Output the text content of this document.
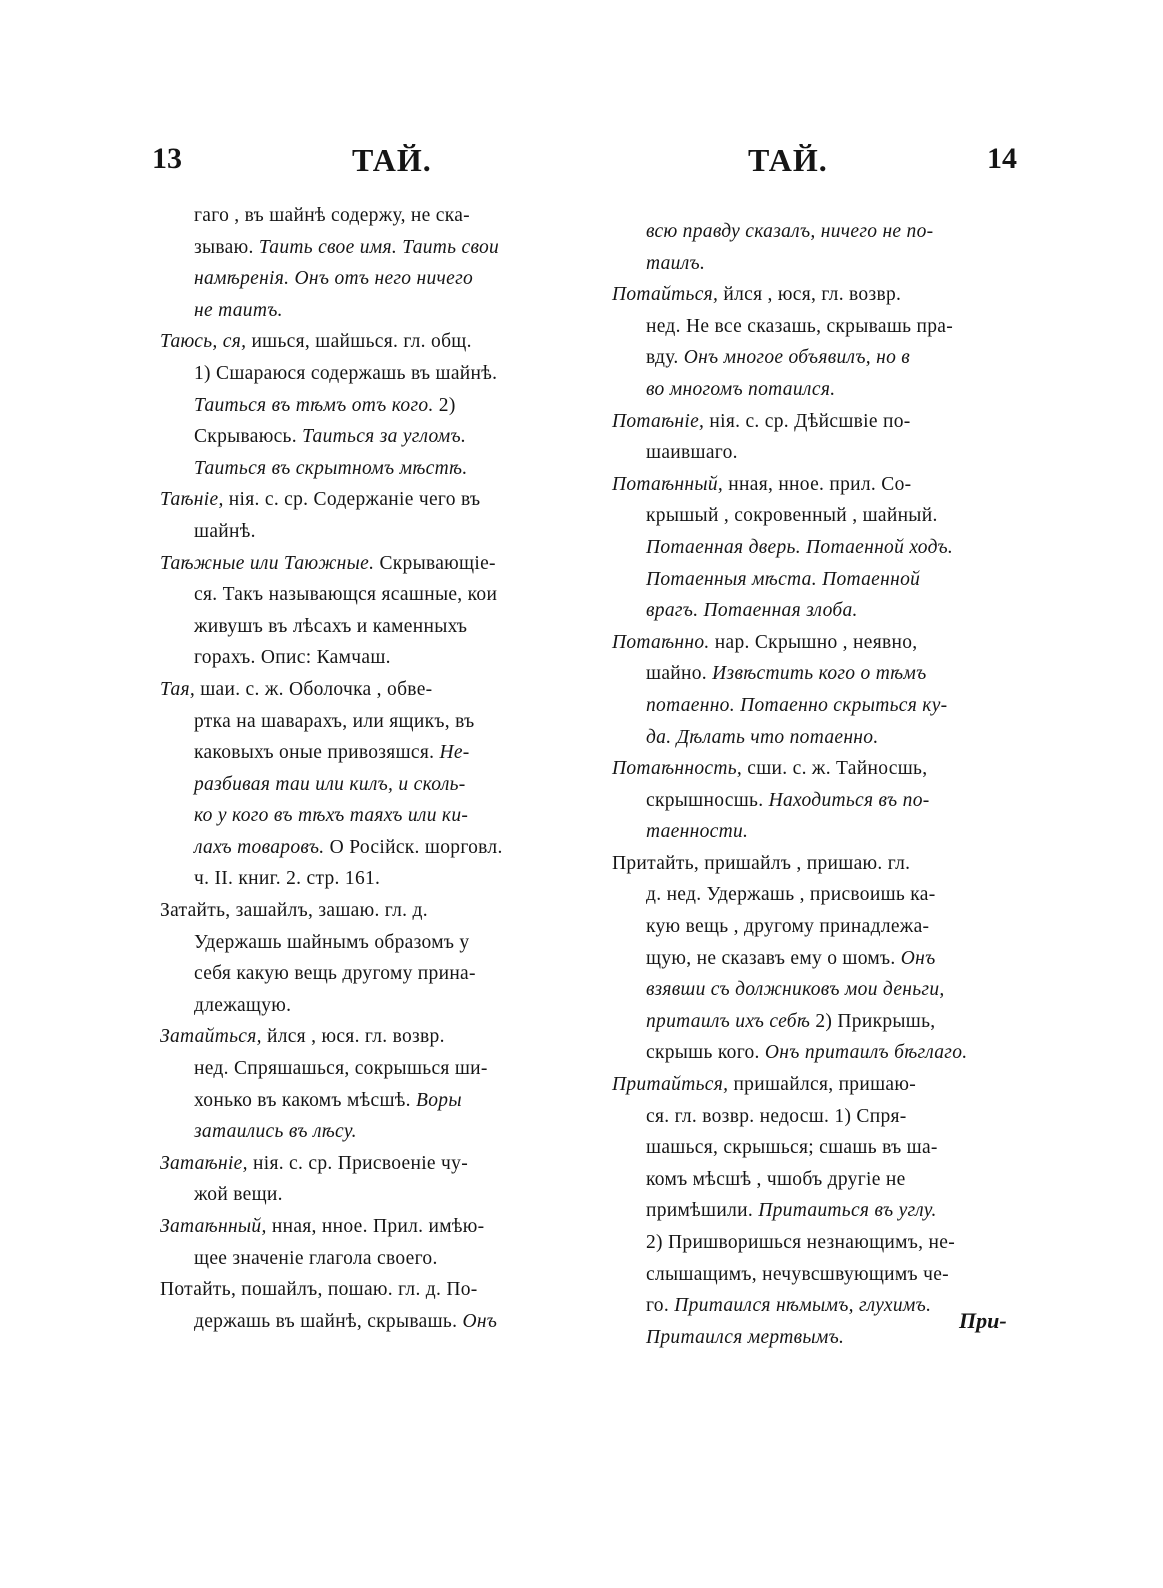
13	ТАЙ.	ТАЙ.	14
гаго , въ шайнѣ содержу, не ска-
зываю. Таить свое имя. Таить свои
намѣренія. Онъ отъ него ничего
не таитъ.
Таюсь, ся, ишься, шайшься. гл. общ.
1) Сшараюся содержашь въ шайнѣ.
Таиться въ тѣмъ отъ кого. 2)
Скрываюсь. Таиться за угломъ.
Таиться въ скрытномъ мѣстѣ.
Таѣніе, нія. с. ср. Содержаніе чего въ
шайнѣ.
Таѣжные или Таюжные. Скрывающіе-
ся. Такъ называющся ясашные, кои
живушъ въ лѣсахъ и каменныхъ
горахъ. Опис: Камчаш.
Тая, шаи. с. ж. Оболочка , обве-
ртка на шаварахъ, или ящикъ, въ
каковыхъ оные привозяшся. Не-
разбивая таи или килъ, и сколь-
ко у кого въ тѣхъ таяхъ или ки-
лахъ товаровъ. О Російск. шорговл.
ч. II. книг. 2. стр. 161.
Затайть, зашайлъ, зашаю. гл. д.
Удержашь шайнымъ образомъ у
себя какую вещь другому прина-
длежащую.
Затайться, йлся , юся. гл. возвр.
нед. Спряшашься, сокрышься ши-
хонько въ какомъ мѣсшѣ. Воры
затаились въ лѣсу.
Затаѣніе, нія. с. ср. Присвоеніе чу-
жой вещи.
Затаѣнный, нная, нное. Прил. имѣю-
щее значеніе глагола своего.
Потайть, пошайлъ, пошаю. гл. д. По-
держашь въ шайнѣ, скрывашь. Онъ
всю правду сказалъ, ничего не по-
таилъ.
Потайться, йлся , юся, гл. возвр.
нед. Не все сказашь, скрывашь пра-
вду. Онъ многое объявилъ, но в
во многомъ потаился.
Потаѣніе, нія. с. ср. Дѣйсшвіе по-
шаившаго.
Потаѣнный, нная, нное. прил. Со-
крышый , сокровенный , шайный.
Потаенная дверь. Потаенной ходъ.
Потаенныя мѣста. Потаенной
врагъ. Потаенная злоба.
Потаѣнно. нар. Скрышно , неявно,
шайно. Извѣстить кого о тѣмъ
потаенно. Потаенно скрыться ку-
да. Дѣлать что потаенно.
Потаѣнность, сши. с. ж. Тайносшь,
скрышносшь. Находиться въ по-
таенности.
Притайть, пришайлъ , пришаю. гл.
д. нед. Удержашь , присвоишь ка-
кую вещь , другому принадлежа-
щую, не сказавъ ему о шомъ. Онъ
взявши съ должниковъ мои деньги,
притаилъ ихъ себѣ 2) Прикрышь,
скрышь кого. Онъ притаилъ бѣглаго.
Притайться, пришайлся, пришаю-
ся. гл. возвр. недосш. 1) Спря-
шашься, скрышься; сшашь въ ша-
комъ мѣсшѣ , чшобъ другіе не
примѣшили. Притаиться въ углу.
2) Пришворишься незнающимъ, не-
слышащимъ, нечувсшвующимъ че-
го. Притаился нѣмымъ, глухимъ.
Притаился мертвымъ.
При-
